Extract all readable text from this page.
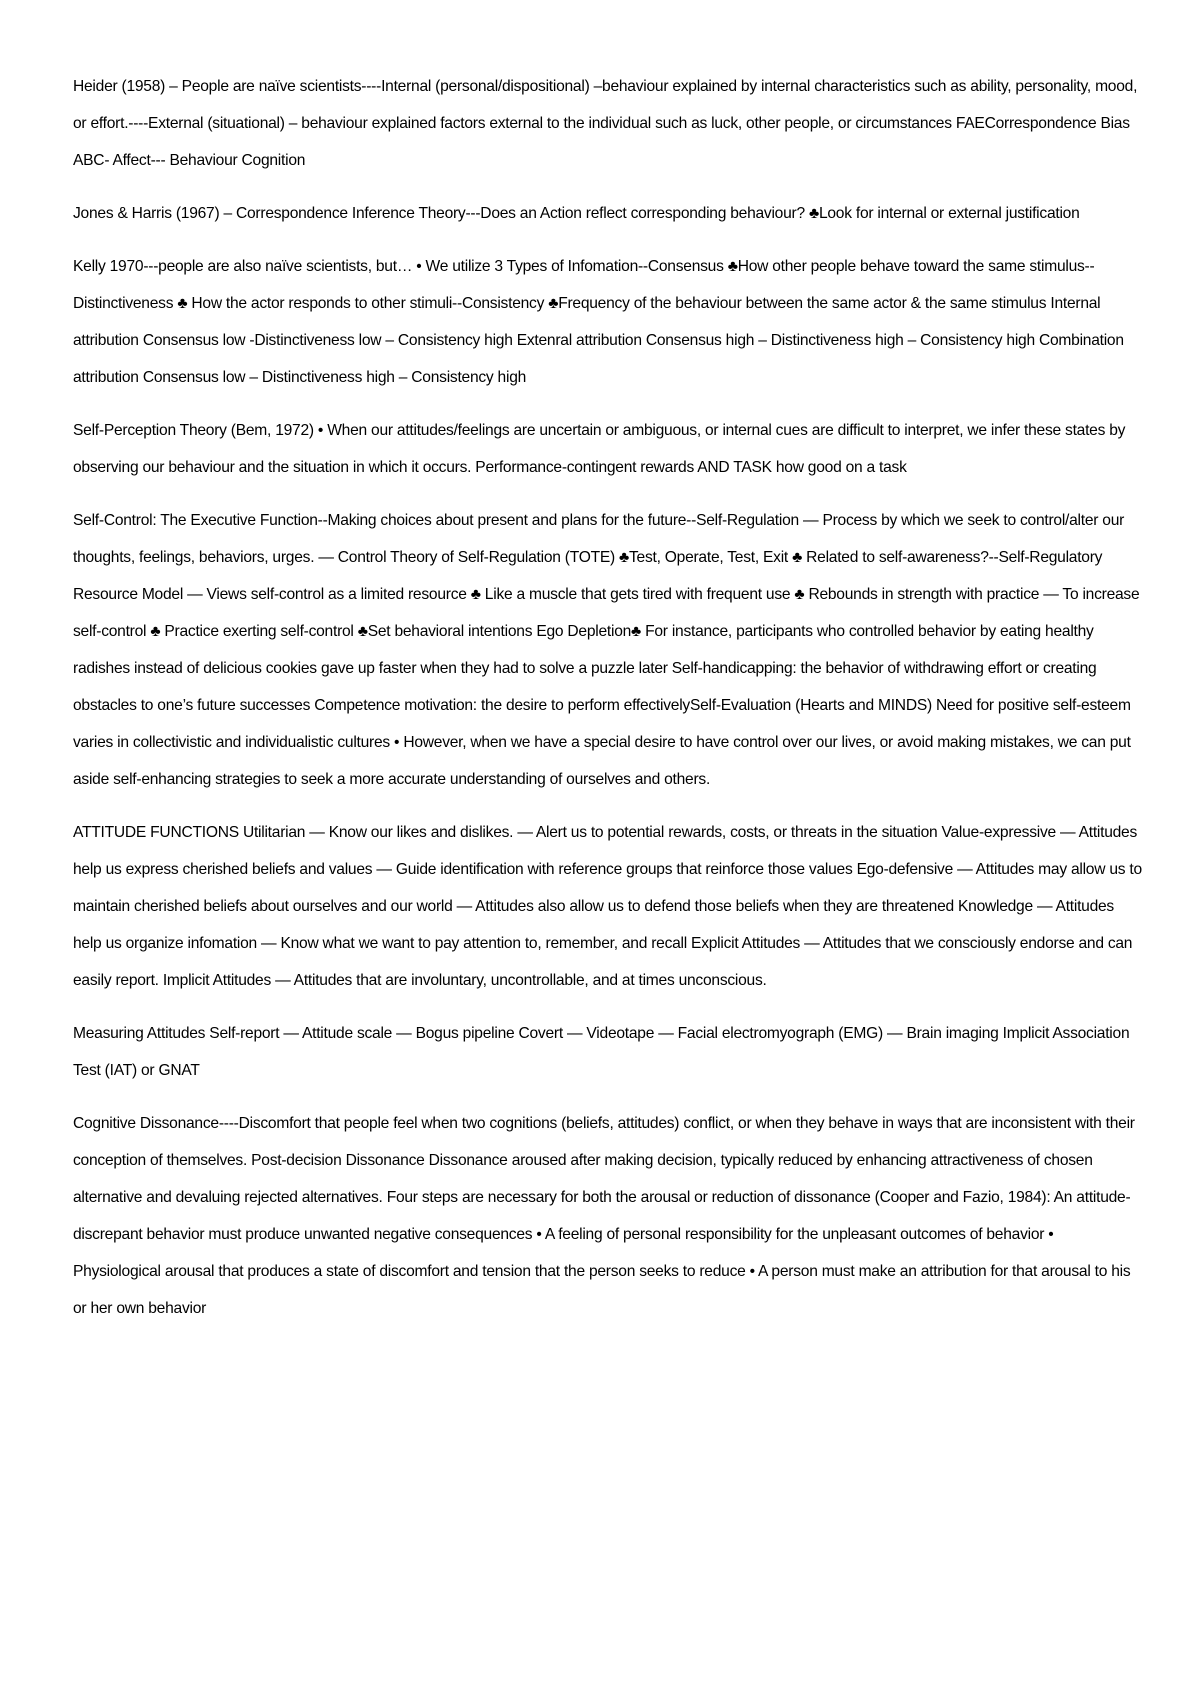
Heider (1958) – People are naïve scientists----Internal (personal/dispositional) –behaviour explained by internal characteristics such as ability, personality, mood, or effort.----External (situational) – behaviour explained factors external to the individual such as luck, other people, or circumstances FAECorrespondence Bias ABC- Affect--- Behaviour Cognition

Jones & Harris (1967) – Correspondence Inference Theory---Does an Action reflect corresponding behaviour? ♣Look for internal or external justification

Kelly 1970---people are also naïve scientists, but… • We utilize 3 Types of Infomation--Consensus ♣How other people behave toward the same stimulus--Distinctiveness ♣ How the actor responds to other stimuli--Consistency ♣Frequency of the behaviour between the same actor & the same stimulus Internal attribution Consensus low -Distinctiveness low – Consistency high Extenral attribution Consensus high – Distinctiveness high – Consistency high Combination attribution Consensus low – Distinctiveness high – Consistency high

Self-Perception Theory (Bem, 1972) • When our attitudes/feelings are uncertain or ambiguous, or internal cues are difficult to interpret, we infer these states by observing our behaviour and the situation in which it occurs. Performance-contingent rewards AND TASK how good on a task

Self-Control: The Executive Function--Making choices about present and plans for the future--Self-Regulation — Process by which we seek to control/alter our thoughts, feelings, behaviors, urges. — Control Theory of Self-Regulation (TOTE) ♣Test, Operate, Test, Exit ♣ Related to self-awareness?--Self-Regulatory Resource Model — Views self-control as a limited resource ♣ Like a muscle that gets tired with frequent use ♣ Rebounds in strength with practice — To increase self-control ♣ Practice exerting self-control ♣Set behavioral intentions Ego Depletion♣ For instance, participants who controlled behavior by eating healthy radishes instead of delicious cookies gave up faster when they had to solve a puzzle later Self-handicapping: the behavior of withdrawing effort or creating obstacles to one’s future successes Competence motivation: the desire to perform effectivelySelf-Evaluation (Hearts and MINDS) Need for positive self-esteem varies in collectivistic and individualistic cultures • However, when we have a special desire to have control over our lives, or avoid making mistakes, we can put aside self-enhancing strategies to seek a more accurate understanding of ourselves and others.

ATTITUDE FUNCTIONS Utilitarian — Know our likes and dislikes. — Alert us to potential rewards, costs, or threats in the situation Value-expressive — Attitudes help us express cherished beliefs and values — Guide identification with reference groups that reinforce those values Ego-defensive — Attitudes may allow us to maintain cherished beliefs about ourselves and our world — Attitudes also allow us to defend those beliefs when they are threatened Knowledge — Attitudes help us organize infomation — Know what we want to pay attention to, remember, and recall Explicit Attitudes — Attitudes that we consciously endorse and can easily report. Implicit Attitudes — Attitudes that are involuntary, uncontrollable, and at times unconscious.

Measuring Attitudes Self-report — Attitude scale — Bogus pipeline Covert — Videotape — Facial electromyograph (EMG) — Brain imaging Implicit Association Test (IAT) or GNAT

Cognitive Dissonance----Discomfort that people feel when two cognitions (beliefs, attitudes) conflict, or when they behave in ways that are inconsistent with their conception of themselves. Post-decision Dissonance Dissonance aroused after making decision, typically reduced by enhancing attractiveness of chosen alternative and devaluing rejected alternatives. Four steps are necessary for both the arousal or reduction of dissonance (Cooper and Fazio, 1984): An attitude-discrepant behavior must produce unwanted negative consequences • A feeling of personal responsibility for the unpleasant outcomes of behavior • Physiological arousal that produces a state of discomfort and tension that the person seeks to reduce • A person must make an attribution for that arousal to his or her own behavior
